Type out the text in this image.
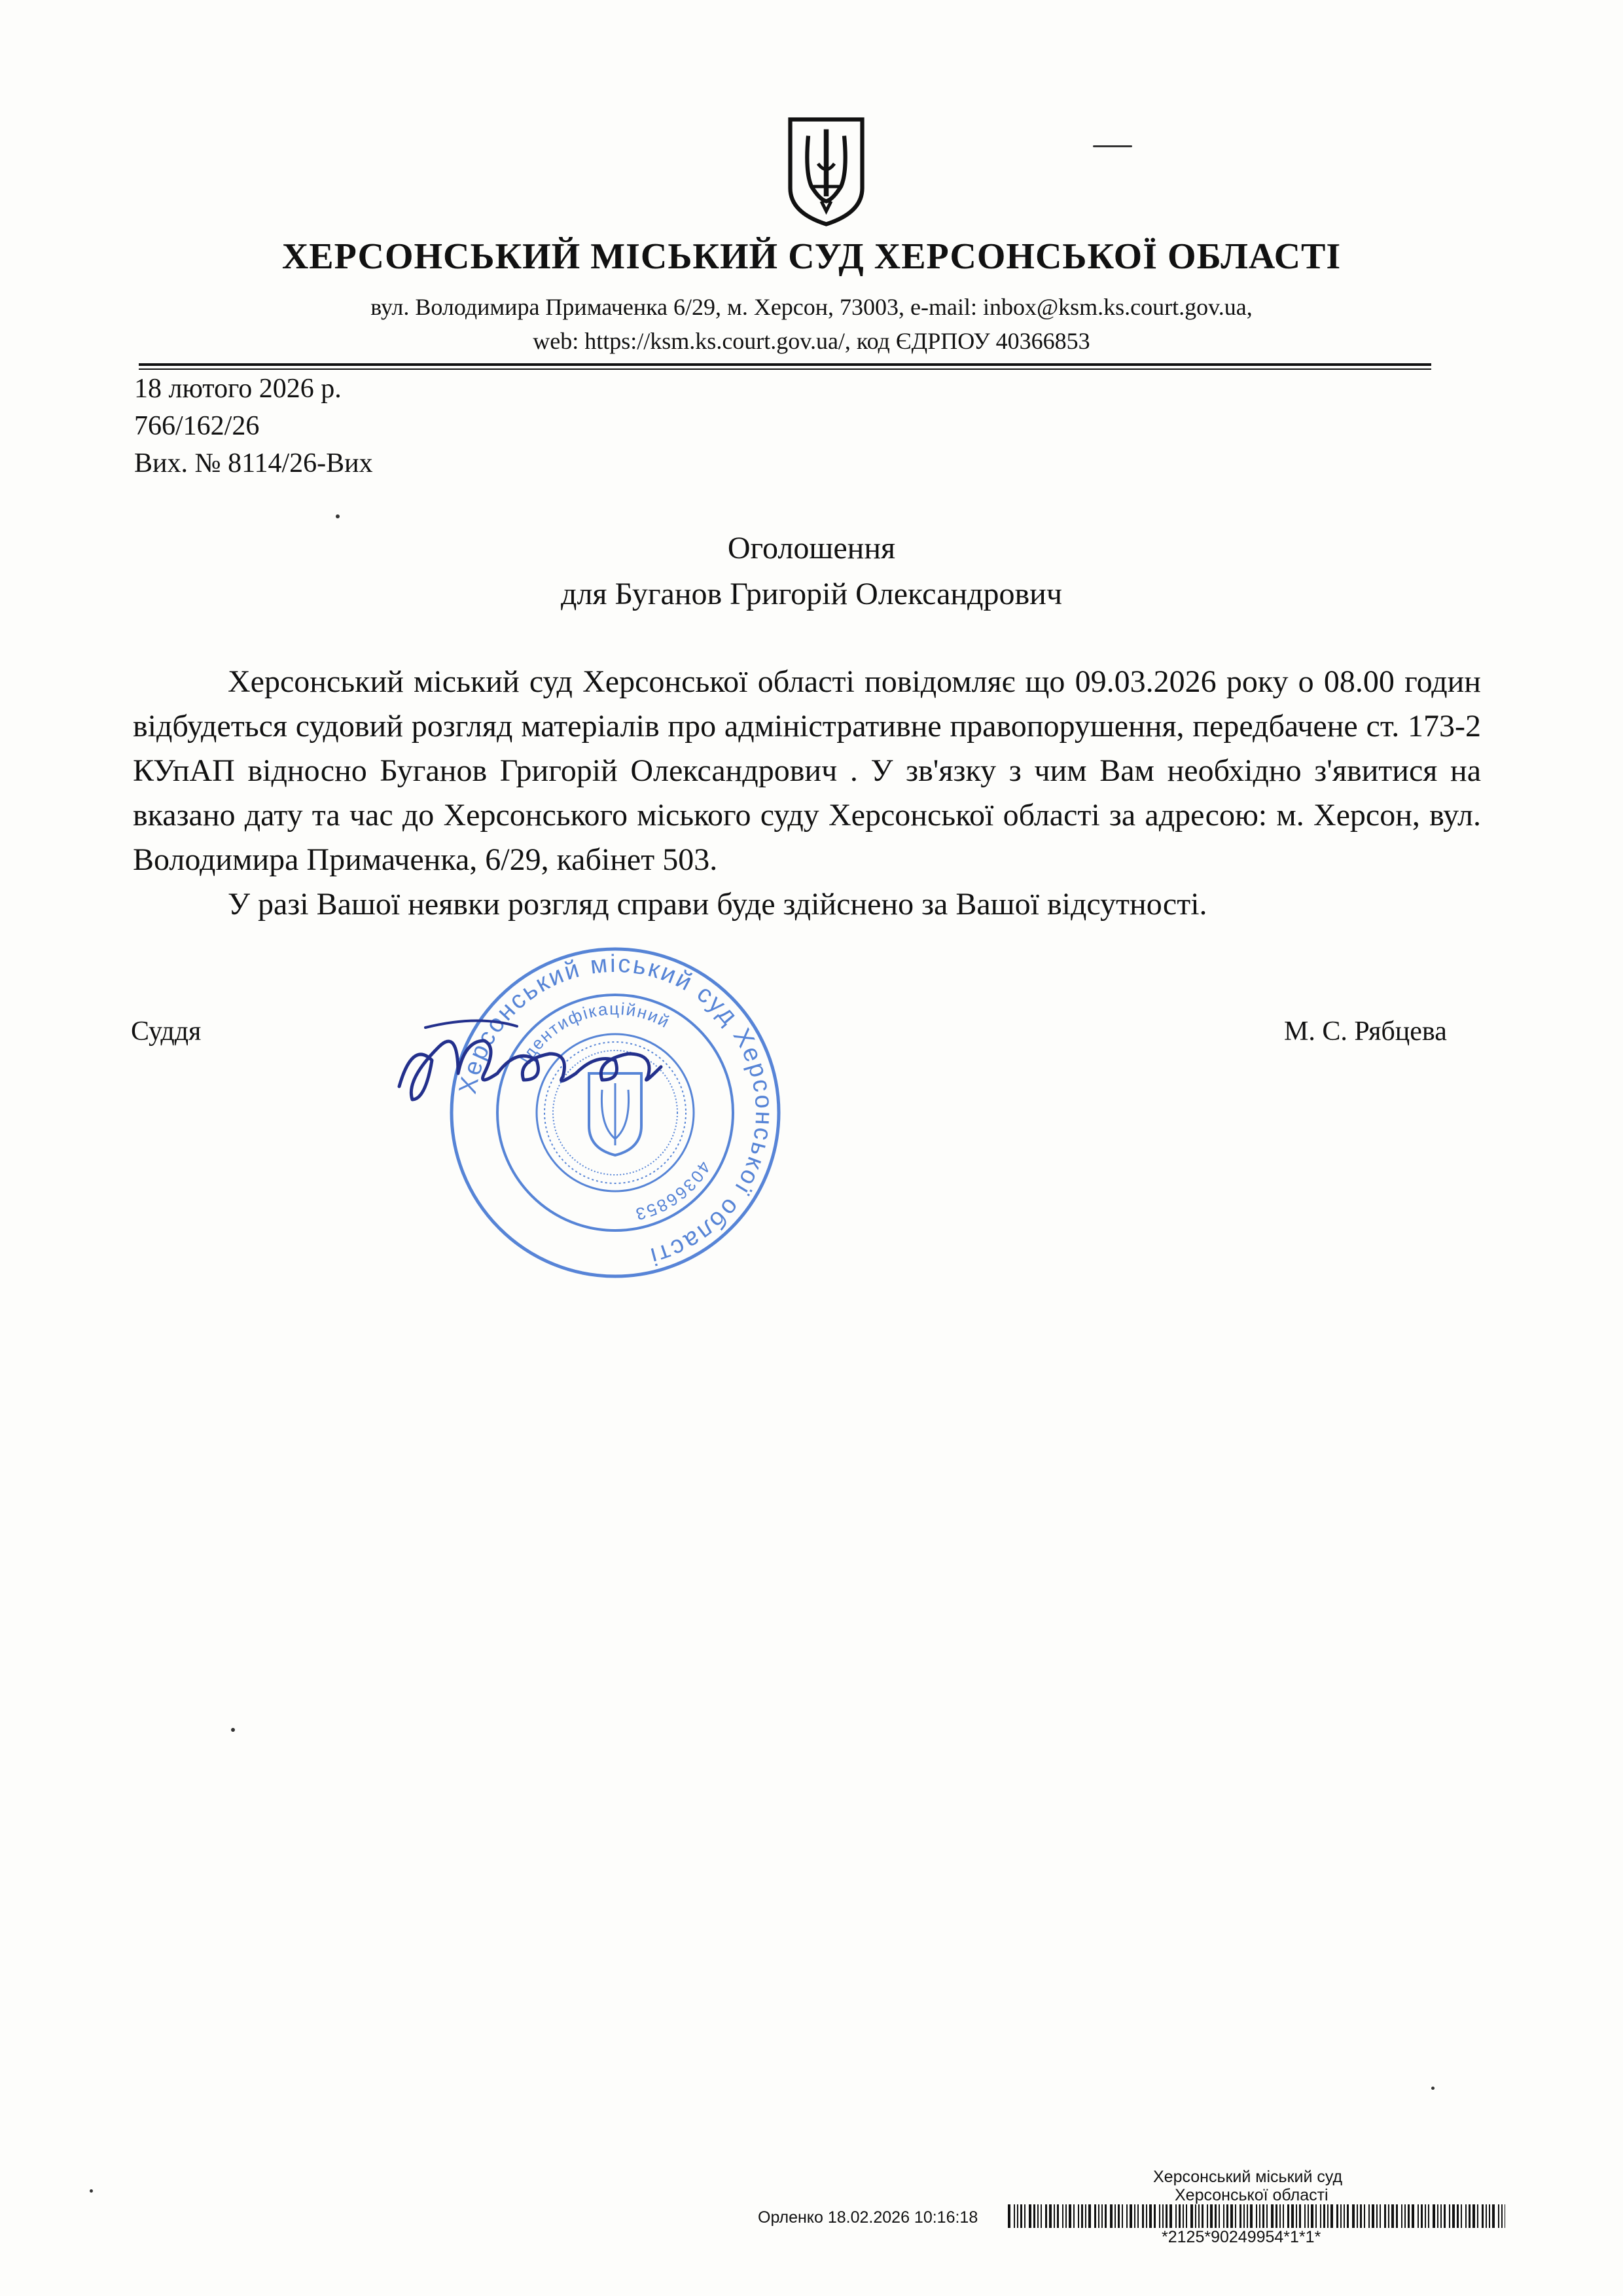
ХЕРСОНСЬКИЙ МІСЬКИЙ СУД ХЕРСОНСЬКОЇ ОБЛАСТІ
вул. Володимира Примаченка 6/29, м. Херсон, 73003, e-mail: inbox@ksm.ks.court.gov.ua,
web: https://ksm.ks.court.gov.ua/, код ЄДРПОУ 40366853
18 лютого 2026 р.
766/162/26
Вих. № 8114/26-Вих
Оголошення
для Буганов Григорій Олександрович

Херсонський міський суд Херсонської області повідомляє що 09.03.2026 року о 08.00 годин відбудеться судовий розгляд матеріалів про адміністративне правопорушення, передбачене ст. 173-2 КУпАП відносно Буганов Григорій Олександрович . У зв'язку з чим Вам необхідно з'явитися на вказано дату та час до Херсонського міського суду Херсонської області за адресою: м. Херсон, вул. Володимира Примаченка, 6/29, кабінет 503.

У разі Вашої неявки розгляд справи буде здійснено за Вашої відсутності.

Суддя	М. С. Рябцева
Херсонський міський суд Херсонської області
Ідентифікаційний
40366853
Херсонський міський суд
Херсонської області
Орленко 18.02.2026 10:16:18
*2125*90249954*1*1*
